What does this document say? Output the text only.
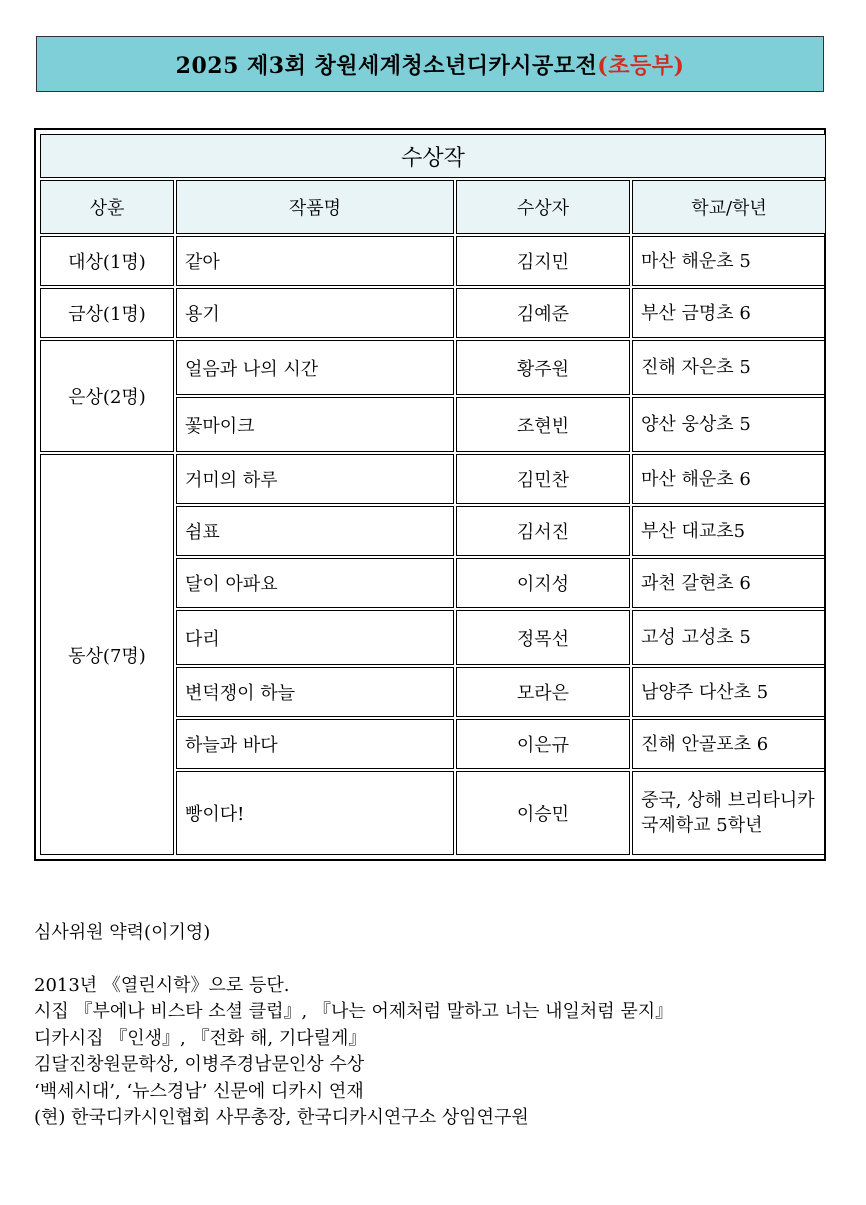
2025 제3회 창원세계청소년디카시공모전 (초등부)
수상작			
상훈	작품명	수상자	학교/학년
대상(1명)	같아	김지민	마산 해운초 5
금상(1명)	용기	김예준	부산 금명초 6
은상(2명)	얼음과 나의 시간	황주원	진해 자은초 5
	꽃마이크	조현빈	양산 웅상초 5
동상(7명)	거미의 하루	김민찬	마산 해운초 6
	쉼표	김서진	부산 대교초5
	달이 아파요	이지성	과천 갈현초 6
	다리	정목선	고성 고성초 5
	변덕쟁이 하늘	모라은	남양주 다산초 5
	하늘과 바다	이은규	진해 안골포초 6
	빵이다!	이승민	중국, 상해 브리타니카 국제학교 5학년
심사위원 약력(이기영)
2013년 《열린시학》으로 등단.
시집 『부에나 비스타 소셜 클럽』, 『나는 어제처럼 말하고 너는 내일처럼 묻지』
디카시집 『인생』, 『전화 해, 기다릴게』
김달진창원문학상, 이병주경남문인상 수상
‘백세시대’, ‘뉴스경남’ 신문에 디카시 연재
(현) 한국디카시인협회 사무총장, 한국디카시연구소 상임연구원
